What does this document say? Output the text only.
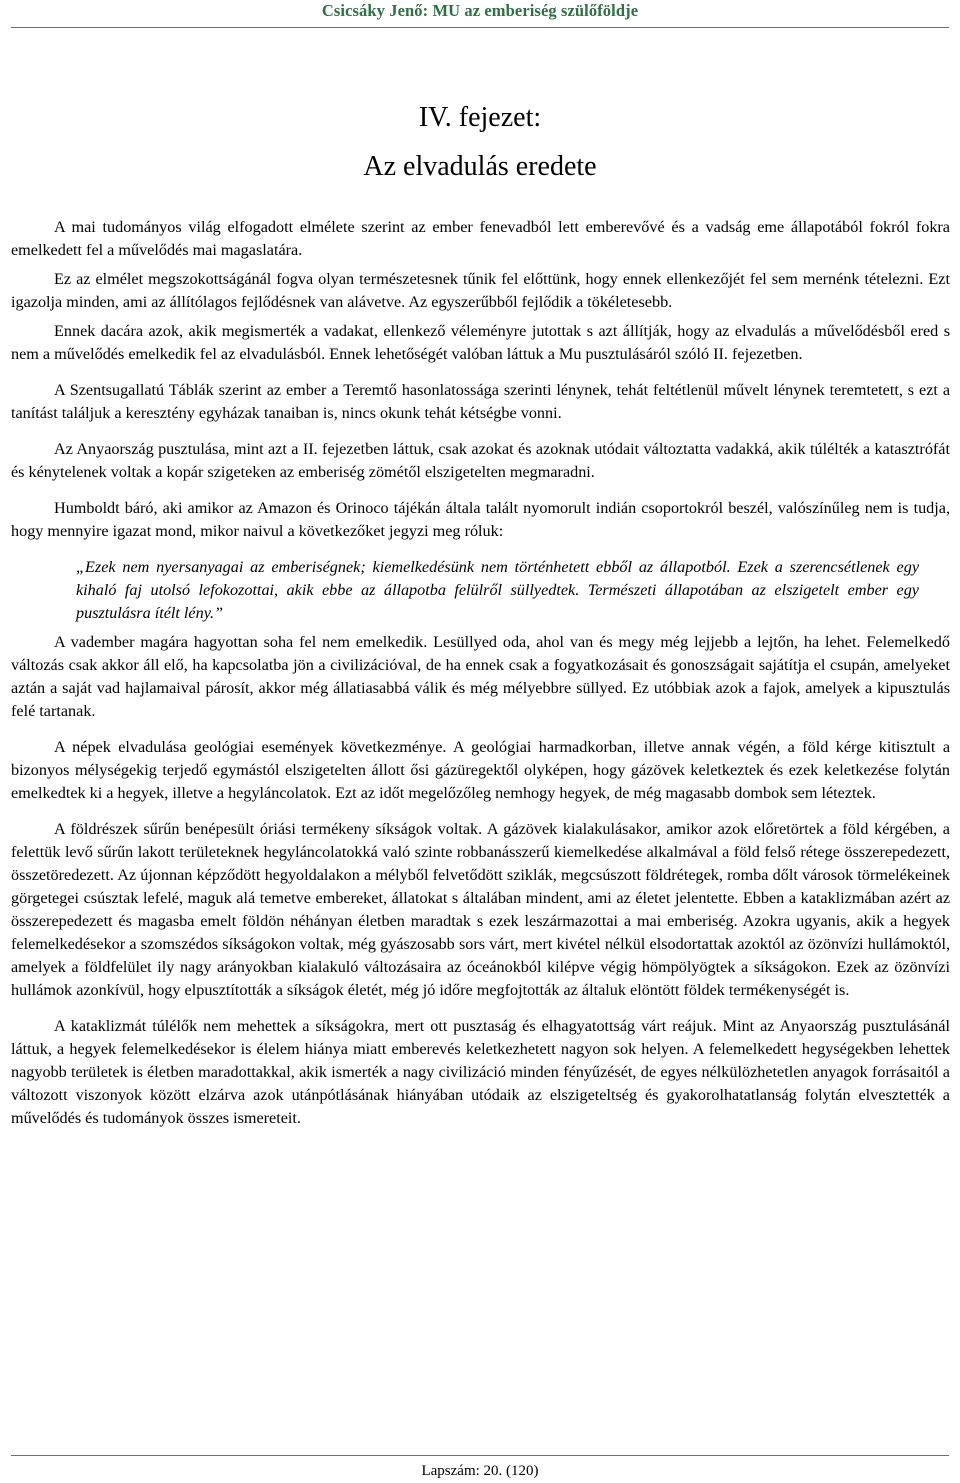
Csicsáky Jenő: MU az emberiség szülőföldje
IV. fejezet:
Az elvadulás eredete

A mai tudományos világ elfogadott elmélete szerint az ember fenevadból lett emberevővé és a vadság eme állapotából fokról fokra emelkedett fel a művelődés mai magaslatára.

Ez az elmélet megszokottságánál fogva olyan természetesnek tűnik fel előttünk, hogy ennek ellenkezőjét fel sem mernénk tételezni. Ezt igazolja minden, ami az állítólagos fejlődésnek van alávetve. Az egyszerűbből fejlődik a tökéletesebb.

Ennek dacára azok, akik megismerték a vadakat, ellenkező véleményre jutottak s azt állítják, hogy az elvadulás a művelődésből ered s nem a művelődés emelkedik fel az elvadulásból. Ennek lehetőségét valóban láttuk a Mu pusztulásáról szóló II. fejezetben.

A Szentsugallatú Táblák szerint az ember a Teremtő hasonlatossága szerinti lénynek, tehát feltétlenül művelt lénynek teremtetett, s ezt a tanítást találjuk a keresztény egyházak tanaiban is, nincs okunk tehát kétségbe vonni.

Az Anyaország pusztulása, mint azt a II. fejezetben láttuk, csak azokat és azoknak utódait változtatta vadakká, akik túlélték a katasztrófát és kénytelenek voltak a kopár szigeteken az emberiség zömétől elszigetelten megmaradni.

Humboldt báró, aki amikor az Amazon és Orinoco tájékán általa talált nyomorult indián csoportokról beszél, valószínűleg nem is tudja, hogy mennyire igazat mond, mikor naivul a következőket jegyzi meg róluk:

„Ezek nem nyersanyagai az emberiségnek; kiemelkedésünk nem történhetett ebből az állapotból. Ezek a szerencsétlenek egy kihaló faj utolsó lefokozottai, akik ebbe az állapotba felülről süllyedtek. Természeti állapotában az elszigetelt ember egy pusztulásra ítélt lény.”

A vadember magára hagyottan soha fel nem emelkedik. Lesüllyed oda, ahol van és megy még lejjebb a lejtőn, ha lehet. Felemelkedő változás csak akkor áll elő, ha kapcsolatba jön a civilizációval, de ha ennek csak a fogyatkozásait és gonoszságait sajátítja el csupán, amelyeket aztán a saját vad hajlamaival párosít, akkor még állatiasabbá válik és még mélyebbre süllyed. Ez utóbbiak azok a fajok, amelyek a kipusztulás felé tartanak.

A népek elvadulása geológiai események következménye. A geológiai harmadkorban, illetve annak végén, a föld kérge kitisztult a bizonyos mélységekig terjedő egymástól elszigetelten állott ősi gázüregektől olyképen, hogy gázövek keletkeztek és ezek keletkezése folytán emelkedtek ki a hegyek, illetve a hegyláncolatok. Ezt az időt megelőzőleg nemhogy hegyek, de még magasabb dombok sem léteztek.

A földrészek sűrűn benépesült óriási termékeny síkságok voltak. A gázövek kialakulásakor, amikor azok előretörtek a föld kérgében, a felettük levő sűrűn lakott területeknek hegyláncolatokká való szinte robbanásszerű kiemelkedése alkalmával a föld felső rétege összerepedezett, összetöredezett. Az újonnan képződött hegyoldalakon a mélyből felvetődött sziklák, megcsúszott földrétegek, romba dőlt városok törmelékeinek görgetegei csúsztak lefelé, maguk alá temetve embereket, állatokat s általában mindent, ami az életet jelentette. Ebben a kataklizmában azért az összerepedezett és magasba emelt földön néhányan életben maradtak s ezek leszármazottai a mai emberiség. Azokra ugyanis, akik a hegyek felemelkedésekor a szomszédos síkságokon voltak, még gyászosabb sors várt, mert kivétel nélkül elsodortattak azoktól az özönvízi hullámoktól, amelyek a földfelület ily nagy arányokban kialakuló változásaira az óceánokból kilépve végig hömpölyögtek a síkságokon. Ezek az özönvízi hullámok azonkívül, hogy elpusztították a síkságok életét, még jó időre megfojtották az általuk elöntött földek termékenységét is.

A kataklizmát túlélők nem mehettek a síkságokra, mert ott pusztaság és elhagyatottság várt reájuk. Mint az Anyaország pusztulásánál láttuk, a hegyek felemelkedésekor is élelem hiánya miatt emberevés keletkezhetett nagyon sok helyen. A felemelkedett hegységekben lehettek nagyobb területek is életben maradottakkal, akik ismerték a nagy civilizáció minden fényűzését, de egyes nélkülözhetetlen anyagok forrásaitól a változott viszonyok között elzárva azok utánpótlásának hiányában utódaik az elszigeteltség és gyakorolhatatlanság folytán elvesztették a művelődés és tudományok összes ismereteit.

Lapszám: 20. (120)
